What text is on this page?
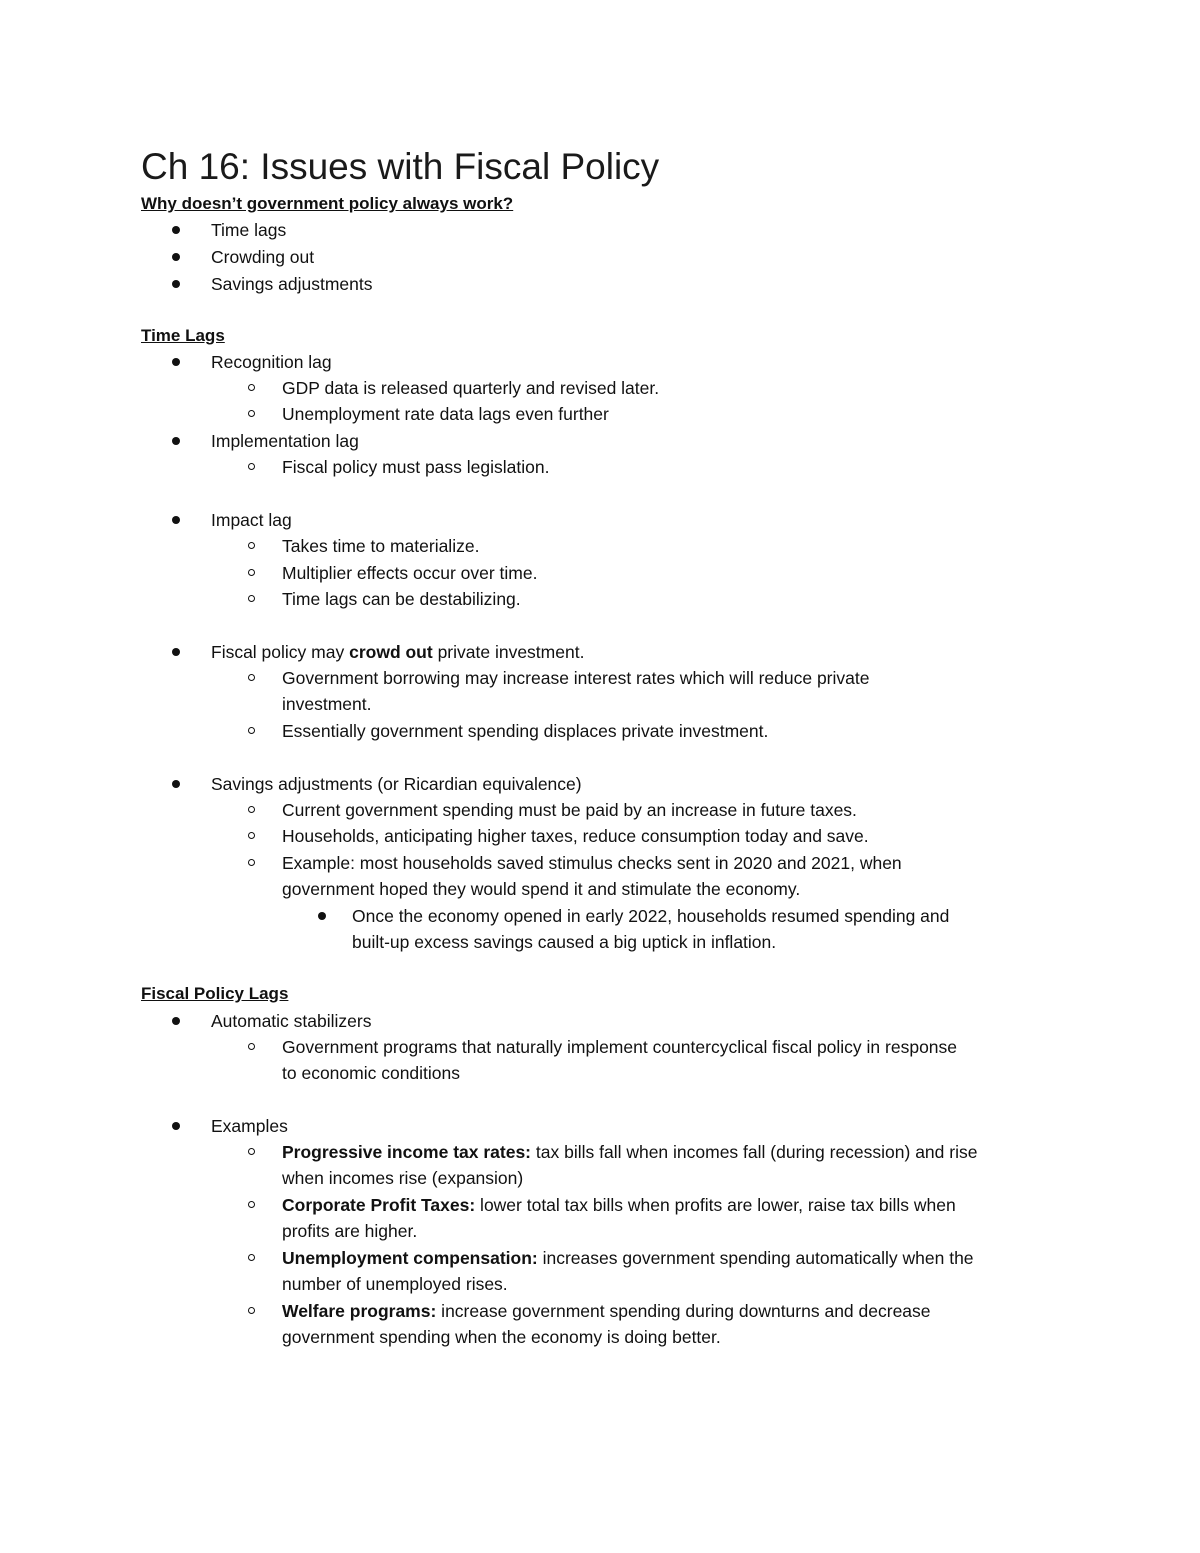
Ch 16: Issues with Fiscal Policy
Why doesn’t government policy always work?
Time lags
Crowding out
Savings adjustments
Time Lags
Recognition lag
GDP data is released quarterly and revised later.
Unemployment rate data lags even further
Implementation lag
Fiscal policy must pass legislation.
Impact lag
Takes time to materialize.
Multiplier effects occur over time.
Time lags can be destabilizing.
Fiscal policy may crowd out private investment.
Government borrowing may increase interest rates which will reduce private
investment.
Essentially government spending displaces private investment.
Savings adjustments (or Ricardian equivalence)
Current government spending must be paid by an increase in future taxes.
Households, anticipating higher taxes, reduce consumption today and save.
Example: most households saved stimulus checks sent in 2020 and 2021, when
government hoped they would spend it and stimulate the economy.
Once the economy opened in early 2022, households resumed spending and
built-up excess savings caused a big uptick in inflation.
Fiscal Policy Lags
Automatic stabilizers
Government programs that naturally implement countercyclical fiscal policy in response
to economic conditions
Examples
Progressive income tax rates: tax bills fall when incomes fall (during recession) and rise
when incomes rise (expansion)
Corporate Profit Taxes: lower total tax bills when profits are lower, raise tax bills when
profits are higher.
Unemployment compensation: increases government spending automatically when the
number of unemployed rises.
Welfare programs: increase government spending during downturns and decrease
government spending when the economy is doing better.
